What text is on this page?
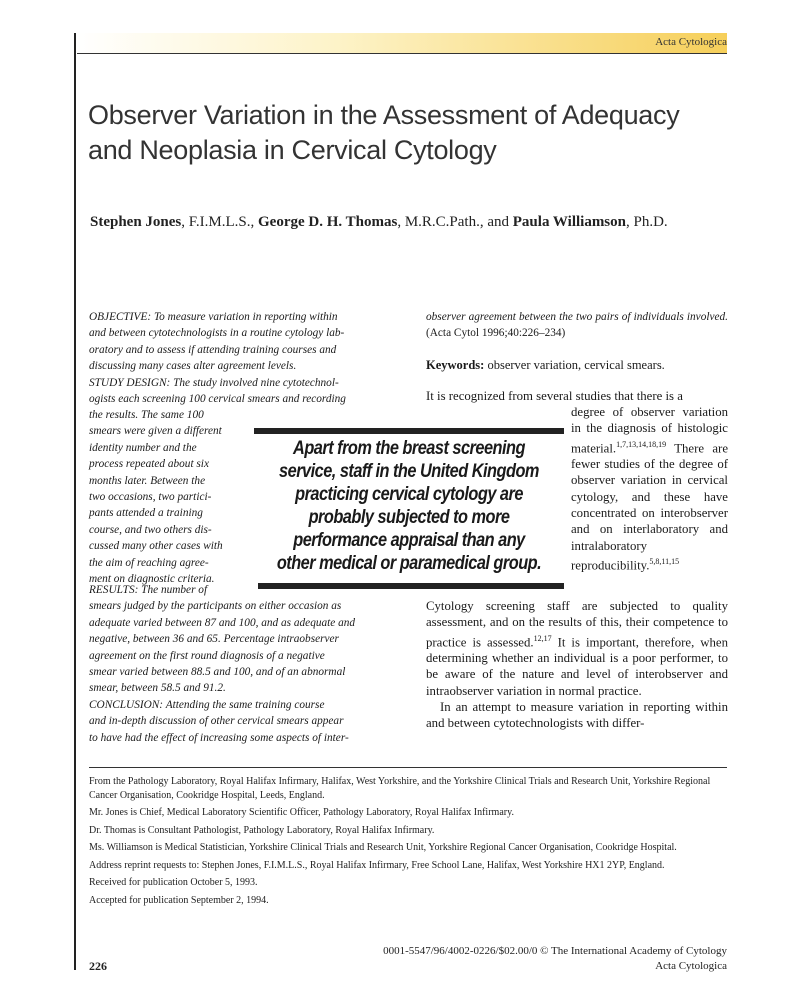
Acta Cytologica
Observer Variation in the Assessment of Adequacy and Neoplasia in Cervical Cytology
Stephen Jones, F.I.M.L.S., George D. H. Thomas, M.R.C.Path., and Paula Williamson, Ph.D.
OBJECTIVE: To measure variation in reporting within
and between cytotechnologists in a routine cytology lab-
oratory and to assess if attending training courses and
discussing many cases alter agreement levels.
STUDY DESIGN: The study involved nine cytotechnol-
ogists each screening 100 cervical smears and recording
the results. The same 100
smears were given a different
identity number and the
process repeated about six
months later. Between the
two occasions, two partici-
pants attended a training
course, and two others dis-
cussed many other cases with
the aim of reaching agree-
ment on diagnostic criteria.
RESULTS: The number of
smears judged by the participants on either occasion as
adequate varied between 87 and 100, and as adequate and
negative, between 36 and 65. Percentage intraobserver
agreement on the first round diagnosis of a negative
smear varied between 88.5 and 100, and of an abnormal
smear, between 58.5 and 91.2.
CONCLUSION: Attending the same training course
and in-depth discussion of other cervical smears appear
to have had the effect of increasing some aspects of inter-
observer agreement between the two pairs of individuals involved. (Acta Cytol 1996;40:226–234)
Keywords: observer variation, cervical smears.
It is recognized from several studies that there is a
degree of observer variation in the diagnosis of histologic material.$^{1,7,13,14,18,19}$ There are fewer studies of the degree of observer variation in cervical cytology, and these have concentrated on interobserver and on interlaboratory and intralaboratory reproducibility.$^{5,8,11,15}$

Cytology screening staff are subjected to quality assessment, and on the results of this, their competence to practice is assessed.$^{12,17}$ It is important, therefore, when determining whether an individual is a poor performer, to be aware of the nature and level of interobserver and intraobserver variation in normal practice.

In an attempt to measure variation in reporting within and between cytotechnologists with differ-

Apart from the breast screening service, staff in the United Kingdom practicing cervical cytology are probably subjected to more performance appraisal than any other medical or paramedical group.

From the Pathology Laboratory, Royal Halifax Infirmary, Halifax, West Yorkshire, and the Yorkshire Clinical Trials and Research Unit, Yorkshire Regional Cancer Organisation, Cookridge Hospital, Leeds, England.
Mr. Jones is Chief, Medical Laboratory Scientific Officer, Pathology Laboratory, Royal Halifax Infirmary.
Dr. Thomas is Consultant Pathologist, Pathology Laboratory, Royal Halifax Infirmary.
Ms. Williamson is Medical Statistician, Yorkshire Clinical Trials and Research Unit, Yorkshire Regional Cancer Organisation, Cookridge Hospital.
Address reprint requests to: Stephen Jones, F.I.M.L.S., Royal Halifax Infirmary, Free School Lane, Halifax, West Yorkshire HX1 2YP, England.
Received for publication October 5, 1993.
Accepted for publication September 2, 1994.
0001-5547/96/4002-0226/$02.00/0 © The International Academy of Cytology
Acta Cytologica
226
